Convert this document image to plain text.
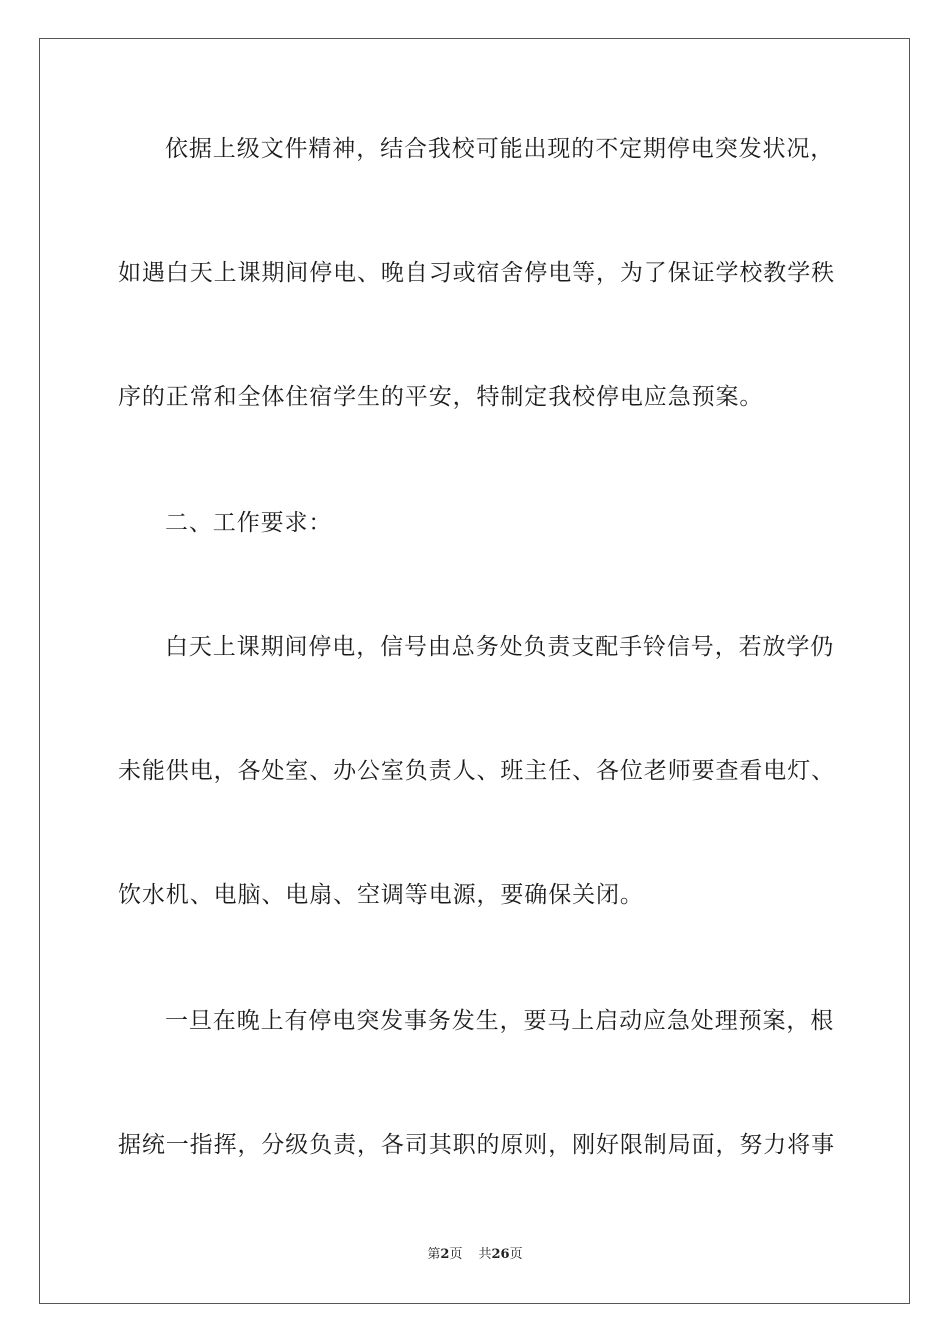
依据上级文件精神，结合我校可能出现的不定期停电突发状况，
如遇白天上课期间停电、晚自习或宿舍停电等，为了保证学校教学秩
序的正常和全体住宿学生的平安，特制定我校停电应急预案。
二、工作要求：
白天上课期间停电，信号由总务处负责支配手铃信号，若放学仍
未能供电，各处室、办公室负责人、班主任、各位老师要查看电灯、
饮水机、电脑、电扇、空调等电源，要确保关闭。
一旦在晚上有停电突发事务发生，要马上启动应急处理预案，根
据统一指挥，分级负责，各司其职的原则，刚好限制局面，努力将事
第2页 共26页
